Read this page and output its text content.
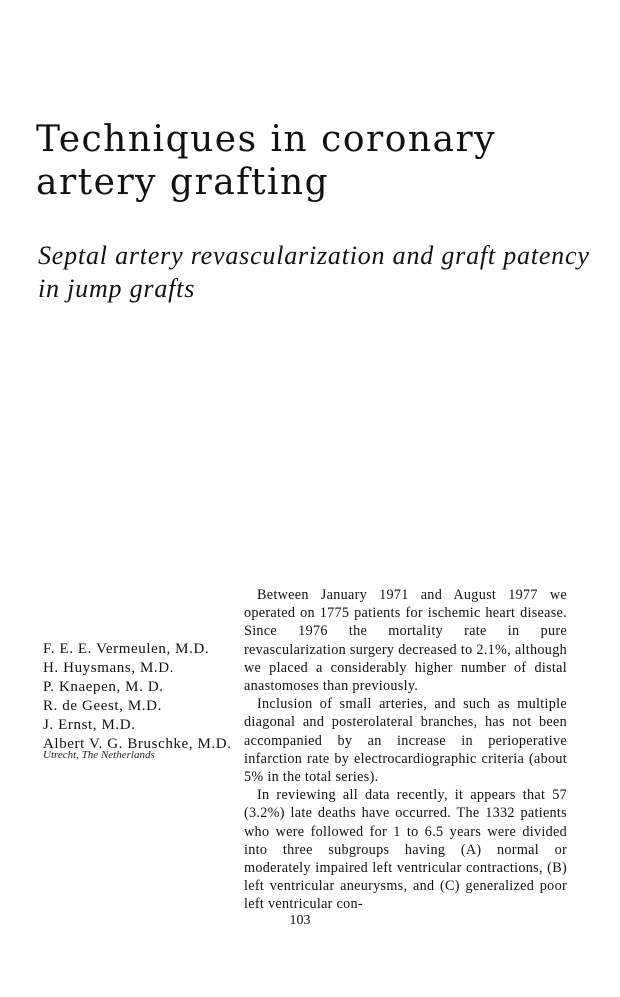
Techniques in coronary artery grafting
Septal artery revascularization and graft patency in jump grafts
F. E. E. Vermeulen, M.D.
H. Huysmans, M.D.
P. Knaepen, M. D.
R. de Geest, M.D.
J. Ernst, M.D.
Albert V. G. Bruschke, M.D.
Utrecht, The Netherlands

Between January 1971 and August 1977 we operated on 1775 patients for ischemic heart disease. Since 1976 the mortality rate in pure revascularization surgery decreased to 2.1%, although we placed a considerably higher number of distal anastomoses than previously.

Inclusion of small arteries, and such as multiple diagonal and posterolateral branches, has not been accompanied by an increase in perioperative infarction rate by electrocardiographic criteria (about 5% in the total series).

In reviewing all data recently, it appears that 57 (3.2%) late deaths have occurred. The 1332 patients who were followed for 1 to 6.5 years were divided into three subgroups having (A) normal or moderately impaired left ventricular contractions, (B) left ventricular aneurysms, and (C) generalized poor left ventricular con-

103
